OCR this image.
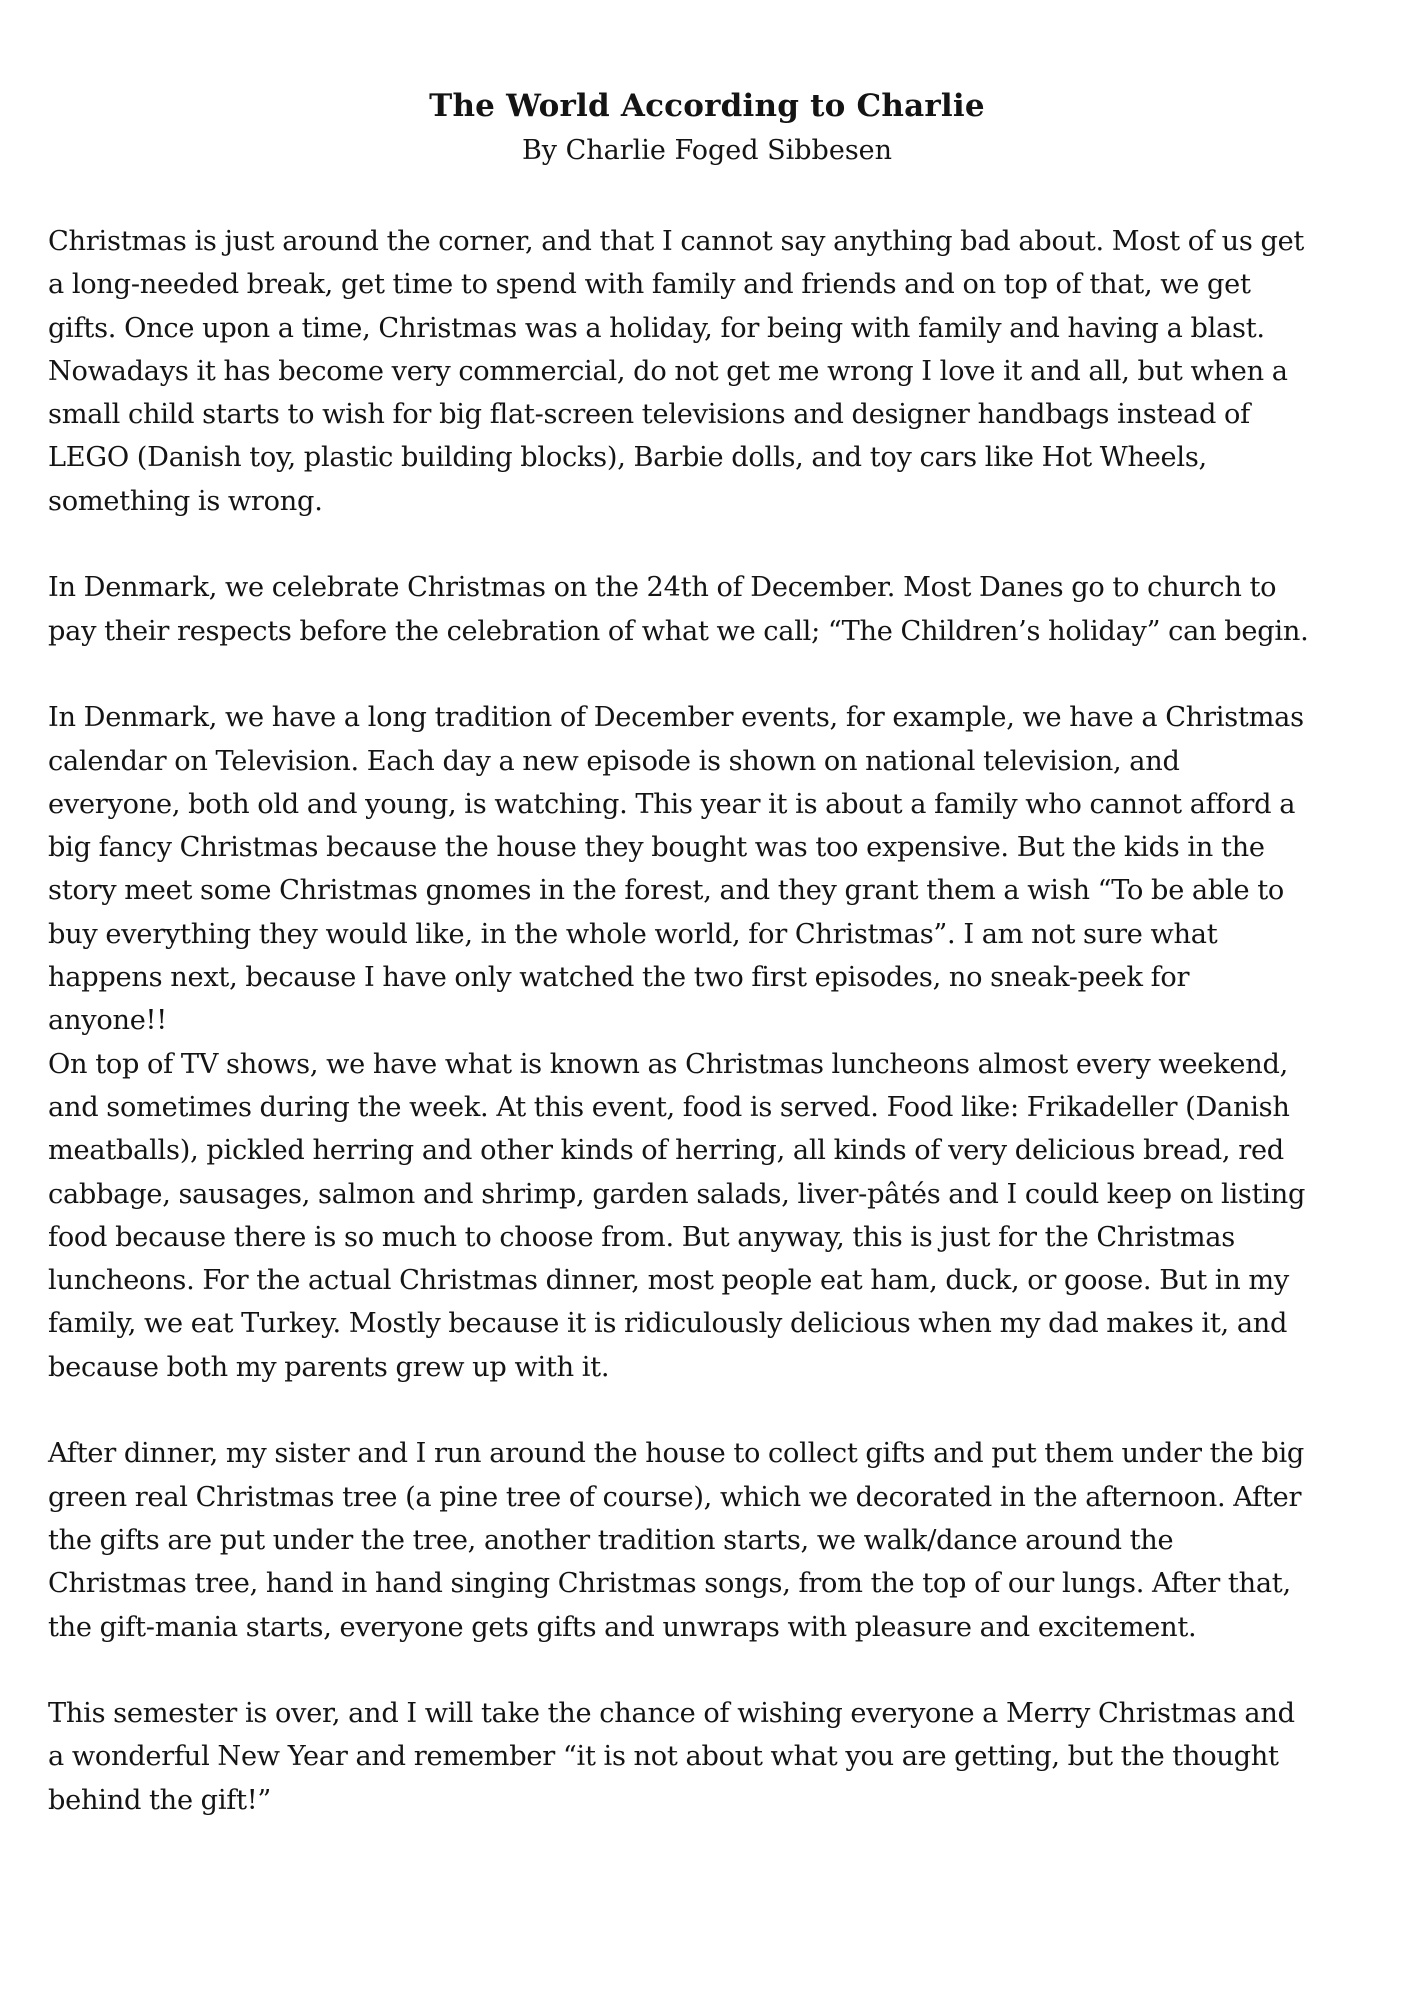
The World According to Charlie

By Charlie Foged Sibbesen

Christmas is just around the corner, and that I cannot say anything bad about. Most of us get
a long-needed break, get time to spend with family and friends and on top of that, we get
gifts. Once upon a time, Christmas was a holiday, for being with family and having a blast.
Nowadays it has become very commercial, do not get me wrong I love it and all, but when a
small child starts to wish for big flat-screen televisions and designer handbags instead of
LEGO (Danish toy, plastic building blocks), Barbie dolls, and toy cars like Hot Wheels,
something is wrong.

In Denmark, we celebrate Christmas on the 24th of December. Most Danes go to church to
pay their respects before the celebration of what we call; “The Children’s holiday” can begin.

In Denmark, we have a long tradition of December events, for example, we have a Christmas
calendar on Television. Each day a new episode is shown on national television, and
everyone, both old and young, is watching. This year it is about a family who cannot afford a
big fancy Christmas because the house they bought was too expensive. But the kids in the
story meet some Christmas gnomes in the forest, and they grant them a wish “To be able to
buy everything they would like, in the whole world, for Christmas”. I am not sure what
happens next, because I have only watched the two first episodes, no sneak-peek for
anyone!!
On top of TV shows, we have what is known as Christmas luncheons almost every weekend,
and sometimes during the week. At this event, food is served. Food like: Frikadeller (Danish
meatballs), pickled herring and other kinds of herring, all kinds of very delicious bread, red
cabbage, sausages, salmon and shrimp, garden salads, liver-pâtés and I could keep on listing
food because there is so much to choose from. But anyway, this is just for the Christmas
luncheons. For the actual Christmas dinner, most people eat ham, duck, or goose. But in my
family, we eat Turkey. Mostly because it is ridiculously delicious when my dad makes it, and
because both my parents grew up with it.

After dinner, my sister and I run around the house to collect gifts and put them under the big
green real Christmas tree (a pine tree of course), which we decorated in the afternoon. After
the gifts are put under the tree, another tradition starts, we walk/dance around the
Christmas tree, hand in hand singing Christmas songs, from the top of our lungs. After that,
the gift-mania starts, everyone gets gifts and unwraps with pleasure and excitement.

This semester is over, and I will take the chance of wishing everyone a Merry Christmas and
a wonderful New Year and remember “it is not about what you are getting, but the thought
behind the gift!”
